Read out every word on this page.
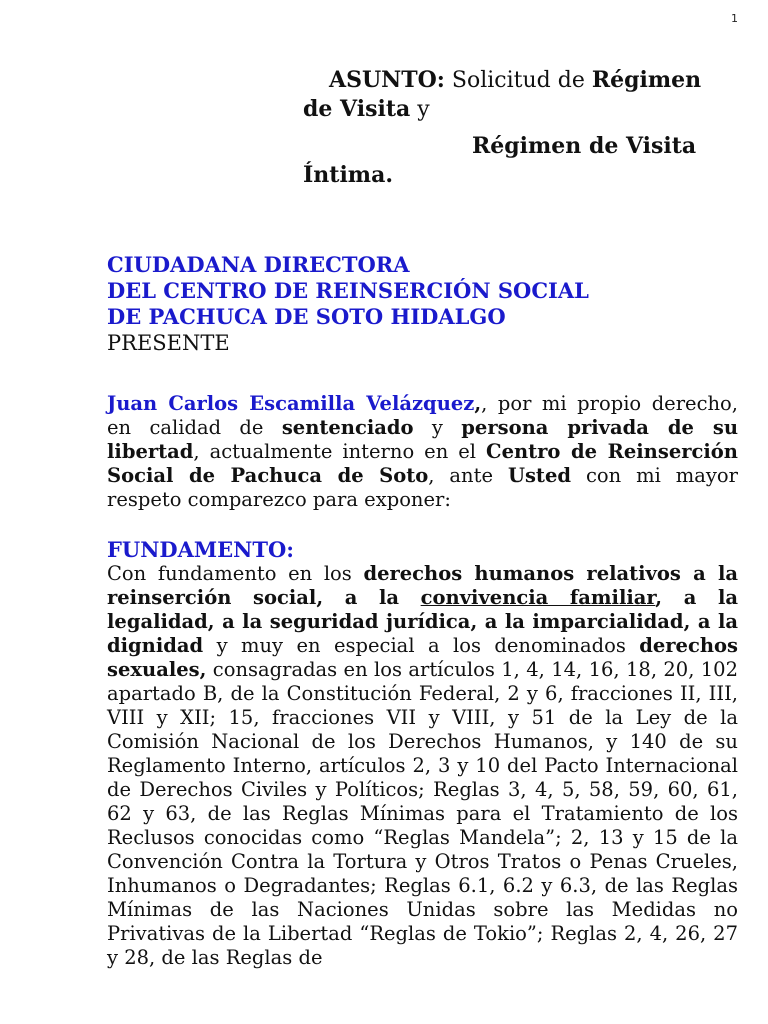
1
ASUNTO: Solicitud de Régimen
de Visita y
Régimen de Visita
Íntima.
CIUDADANA DIRECTORA
DEL CENTRO DE REINSERCIÓN SOCIAL
DE PACHUCA DE SOTO HIDALGO
PRESENTE
Juan Carlos Escamilla Velázquez,, por mi propio derecho, en calidad de sentenciado y persona privada de su libertad, actualmente interno en el Centro de Reinserción Social de Pachuca de Soto, ante Usted con mi mayor respeto comparezco para exponer:
FUNDAMENTO:
Con fundamento en los derechos humanos relativos a la reinserción social, a la convivencia familiar, a la legalidad, a la seguridad jurídica, a la imparcialidad, a la dignidad y muy en especial a los denominados derechos sexuales, consagradas en los artículos 1, 4, 14, 16, 18, 20, 102 apartado B, de la Constitución Federal, 2 y 6, fracciones II, III, VIII y XII; 15, fracciones VII y VIII, y 51 de la Ley de la Comisión Nacional de los Derechos Humanos, y 140 de su Reglamento Interno, artículos 2, 3 y 10 del Pacto Internacional de Derechos Civiles y Políticos; Reglas 3, 4, 5, 58, 59, 60, 61, 62 y 63, de las Reglas Mínimas para el Tratamiento de los Reclusos conocidas como “Reglas Mandela”; 2, 13 y 15 de la Convención Contra la Tortura y Otros Tratos o Penas Crueles, Inhumanos o Degradantes; Reglas 6.1, 6.2 y 6.3, de las Reglas Mínimas de las Naciones Unidas sobre las Medidas no Privativas de la Libertad “Reglas de Tokio”; Reglas 2, 4, 26, 27 y 28, de las Reglas de
